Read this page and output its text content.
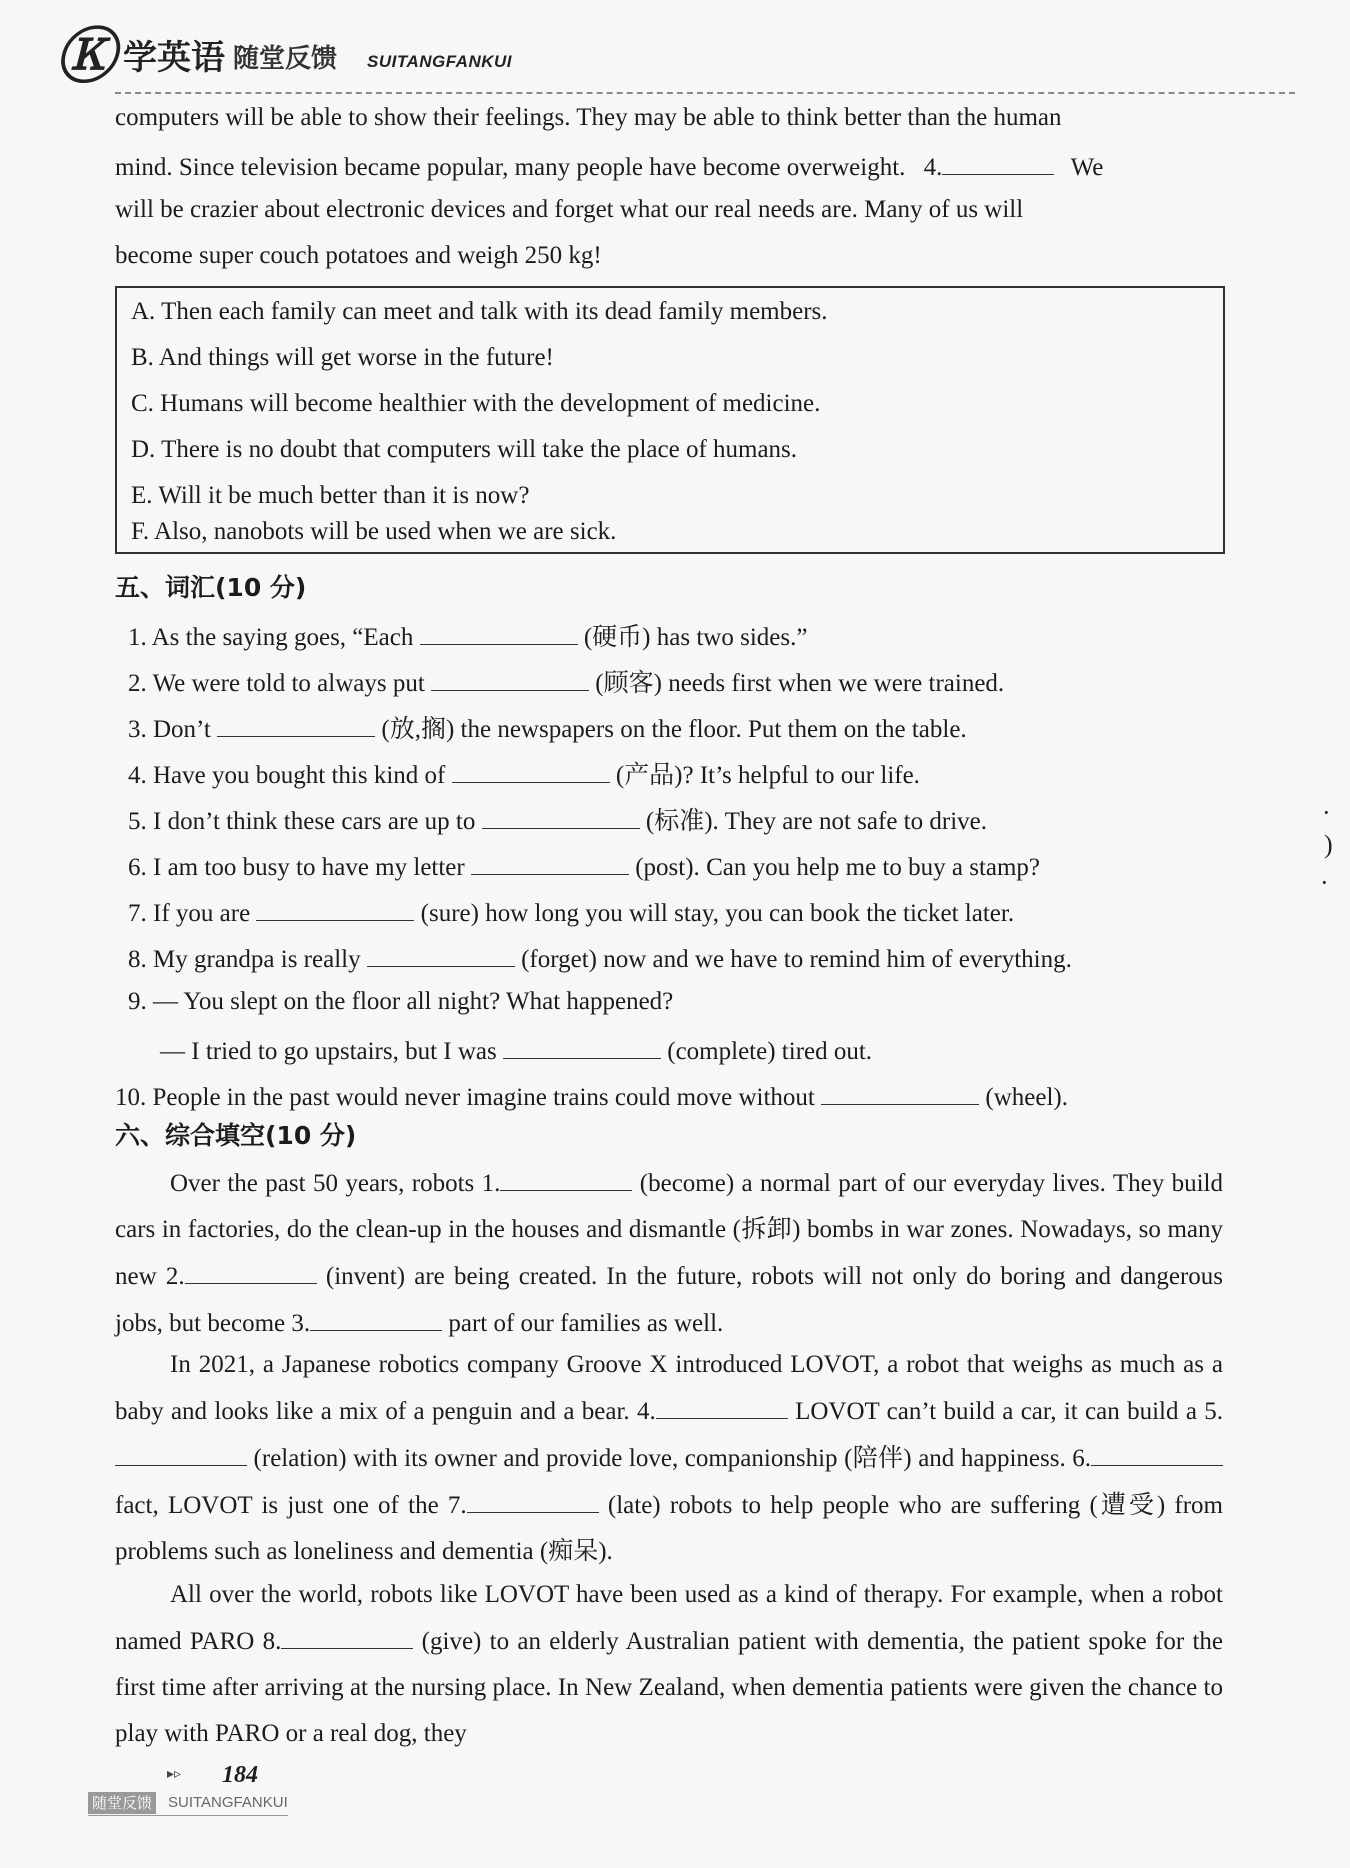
Ⓚ 学英语 随堂反馈 SUITANGFANKUI
computers will be able to show their feelings. They may be able to think better than the human
mind. Since television became popular, many people have become overweight. 4.	We
will be crazier about electronic devices and forget what our real needs are. Many of us will
become super couch potatoes and weigh 250 kg!
A. Then each family can meet and talk with its dead family members.
B. And things will get worse in the future!
C. Humans will become healthier with the development of medicine.
D. There is no doubt that computers will take the place of humans.
E. Will it be much better than it is now?
F. Also, nanobots will be used when we are sick.
五、词汇(10 分)
1. As the saying goes, “Each	(硬币) has two sides.”
2. We were told to always put	(顾客) needs first when we were trained.
3. Don’t	(放,搁) the newspapers on the floor. Put them on the table.
4. Have you bought this kind of	(产品)? It’s helpful to our life.
5. I don’t think these cars are up to	(标准). They are not safe to drive.
6. I am too busy to have my letter	(post). Can you help me to buy a stamp?
7. If you are	(sure) how long you will stay, you can book the ticket later.
8. My grandpa is really	(forget) now and we have to remind him of everything.
9. — You slept on the floor all night? What happened?
— I tried to go upstairs, but I was	(complete) tired out.
10. People in the past would never imagine trains could move without	(wheel).
六、综合填空(10 分)
Over the past 50 years, robots 1.	(become) a normal part of our everyday lives. They build cars in factories, do the clean-up in the houses and dismantle (拆卸) bombs in war zones. Nowadays, so many new 2.	(invent) are being created. In the future, robots will not only do boring and dangerous jobs, but become 3.	part of our families as well.
In 2021, a Japanese robotics company Groove X introduced LOVOT, a robot that weighs as much as a baby and looks like a mix of a penguin and a bear. 4.	LOVOT can’t build a car, it can build a 5. (relation) with its owner and provide love, companionship (陪伴) and happiness. 6. fact, LOVOT is just one of the 7.	(late) robots to help people who are suffering (遭受) from problems such as loneliness and dementia (痴呆).
All over the world, robots like LOVOT have been used as a kind of therapy. For example, when a robot named PARO 8.	(give) to an elderly Australian patient with dementia, the patient spoke for the first time after arriving at the nursing place. In New Zealand, when dementia patients were given the chance to play with PARO or a real dog, they
·
)
·
▸▹ 184
随堂反馈 SUITANGFANKUI
